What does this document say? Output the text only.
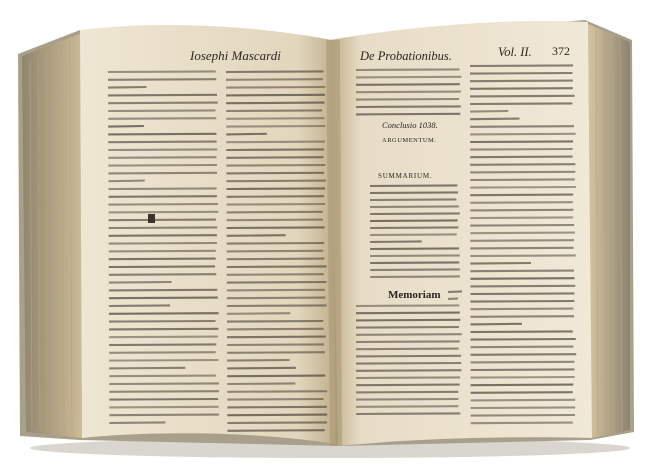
Iosephi Mascardi	De Probationibus.	Vol. II. 372
Conclusio 1038.
ARGUMENTUM.
SUMMARIUM.
Memoriam
